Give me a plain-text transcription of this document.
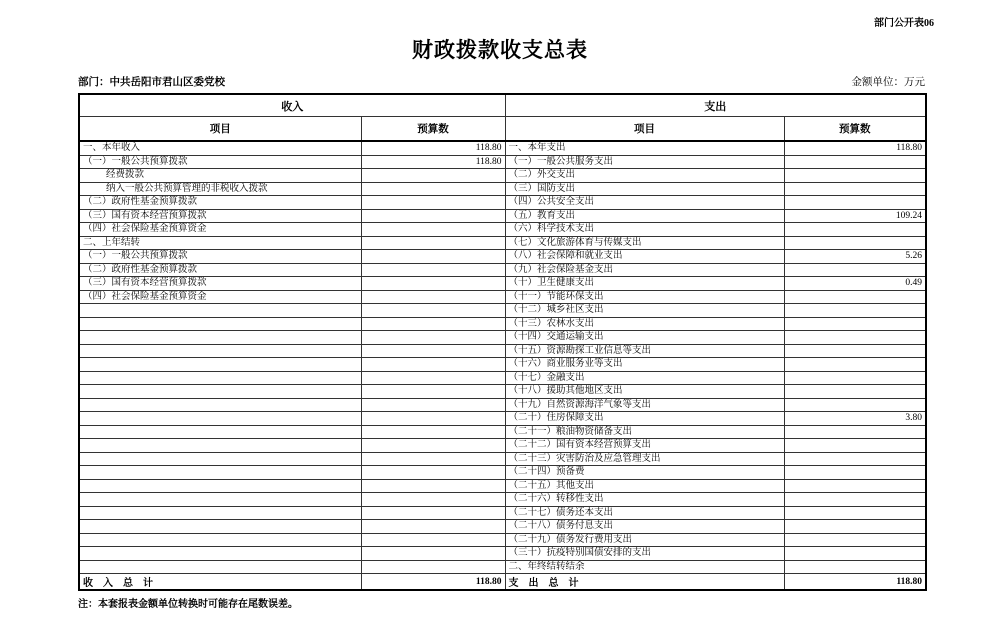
部门公开表06
财政拨款收支总表
部门：中共岳阳市君山区委党校	金额单位：万元
收入		支出	
项目	预算数	项目	预算数
一、本年收入	118.80	一、本年支出	118.80
（一）一般公共预算拨款	118.80	（一）一般公共服务支出	
经费拨款		（二）外交支出	
纳入一般公共预算管理的非税收入拨款		（三）国防支出	
（二）政府性基金预算拨款		（四）公共安全支出	
（三）国有资本经营预算拨款		（五）教育支出	109.24
（四）社会保险基金预算资金		（六）科学技术支出	
二、上年结转		（七）文化旅游体育与传媒支出	
（一）一般公共预算拨款		（八）社会保障和就业支出	5.26
（二）政府性基金预算拨款		（九）社会保险基金支出	
（三）国有资本经营预算拨款		（十）卫生健康支出	0.49
（四）社会保险基金预算资金		（十一）节能环保支出	
		（十二）城乡社区支出	
		（十三）农林水支出	
		（十四）交通运输支出	
		（十五）资源勘探工业信息等支出	
		（十六）商业服务业等支出	
		（十七）金融支出	
		（十八）援助其他地区支出	
		（十九）自然资源海洋气象等支出	
		（二十）住房保障支出	3.80
		（二十一）粮油物资储备支出	
		（二十二）国有资本经营预算支出	
		（二十三）灾害防治及应急管理支出	
		（二十四）预备费	
		（二十五）其他支出	
		（二十六）转移性支出	
		（二十七）债务还本支出	
		（二十八）债务付息支出	
		（二十九）债务发行费用支出	
		（三十）抗疫特别国债安排的支出	
		二、年终结转结余	
收　入　总　计	118.80	支　出　总　计	118.80
注：本套报表金额单位转换时可能存在尾数误差。
